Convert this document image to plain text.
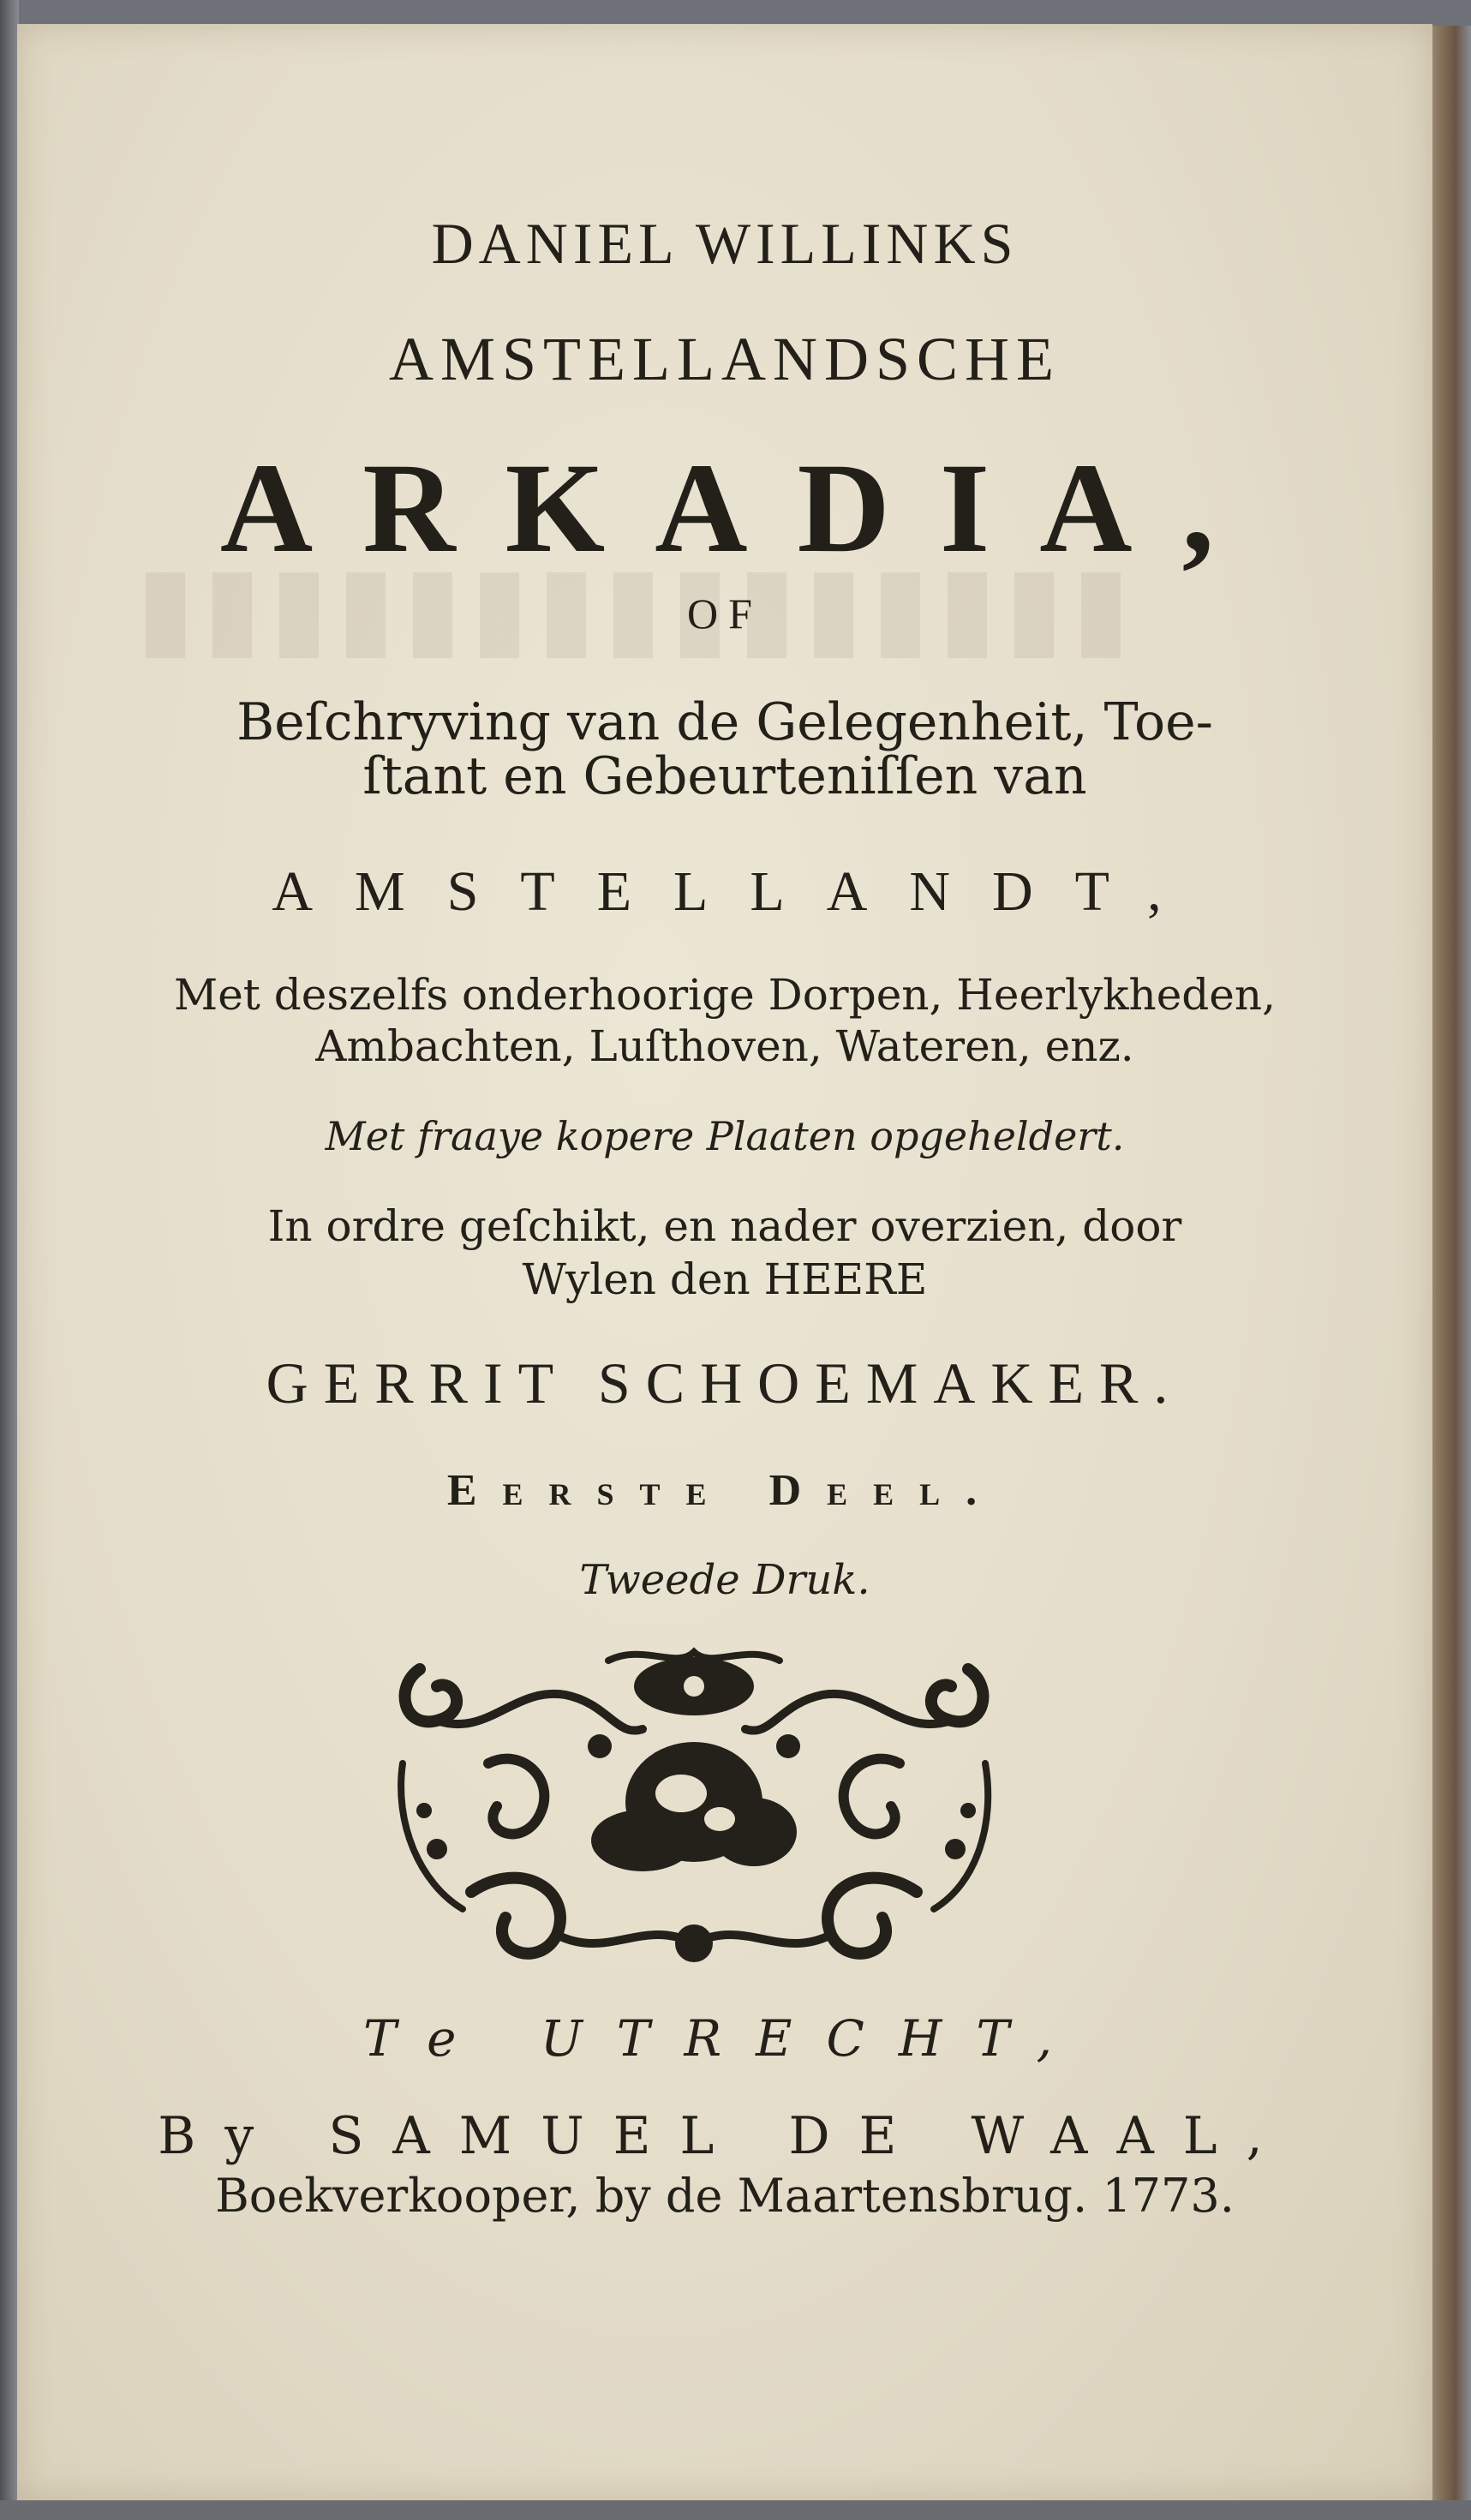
DANIEL WILLINKS

AMSTELLANDSCHE

ARKADIA,

OF

Beſchryving van de Gelegenheit, Toe-

ſtant en Gebeurteniſſen van

AMSTELLANDT,

Met deszelfs onderhoorige Dorpen, Heerlykheden,

Ambachten, Luſthoven, Wateren, enz.

Met fraaye kopere Plaaten opgeheldert.

In ordre geſchikt, en nader overzien, door

Wylen den HEERE

GERRIT SCHOEMAKER.

Eerste Deel.

Tweede Druk.

Te UTRECHT,

By SAMUEL DE WAAL,

Boekverkooper, by de Maartensbrug. 1773.
